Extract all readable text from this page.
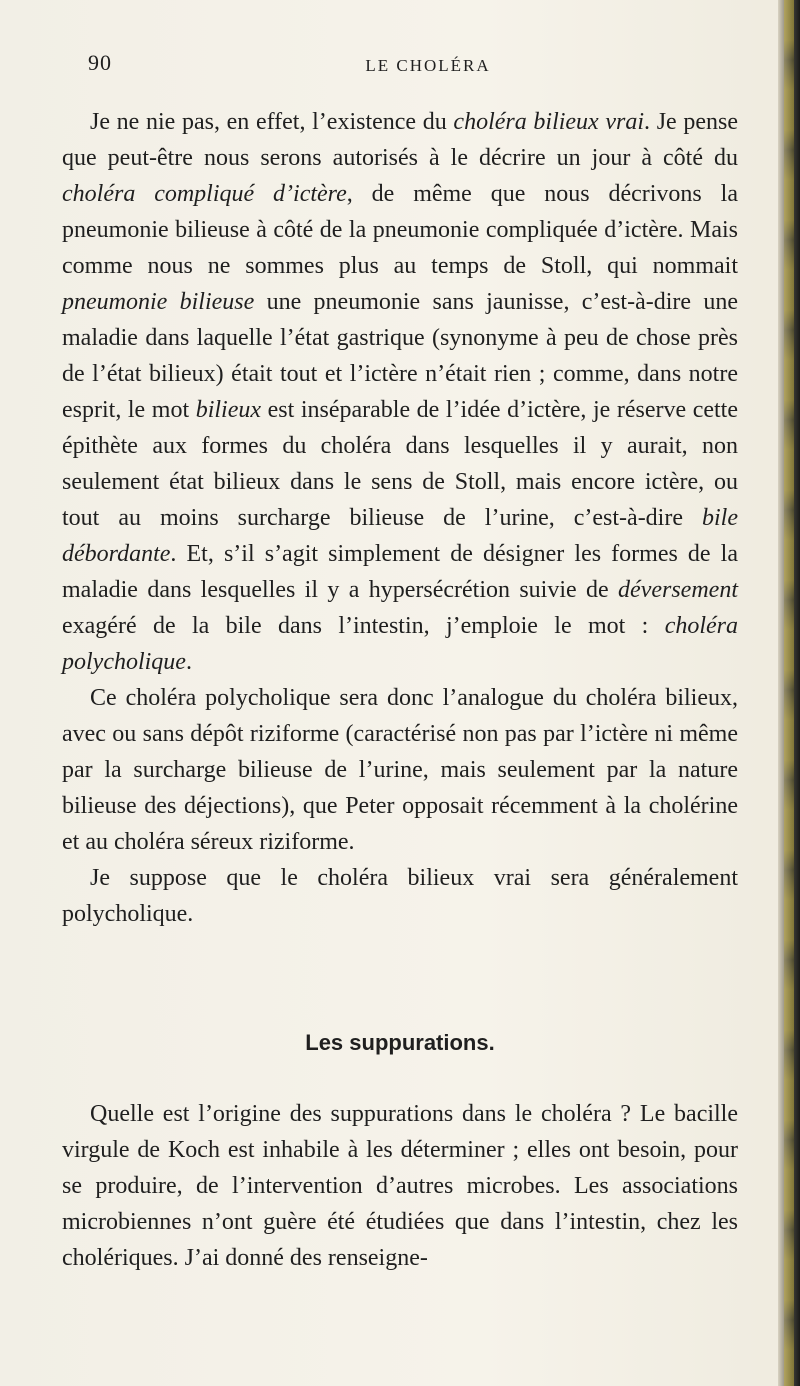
90	LE CHOLÉRA

Je ne nie pas, en effet, l’existence du choléra bilieux vrai. Je pense que peut-être nous serons autorisés à le décrire un jour à côté du choléra compliqué d’ictère, de même que nous décrivons la pneumonie bilieuse à côté de la pneumonie compliquée d’ictère. Mais comme nous ne sommes plus au temps de Stoll, qui nommait pneumonie bilieuse une pneumonie sans jaunisse, c’est-à-dire une maladie dans laquelle l’état gastrique (synonyme à peu de chose près de l’état bilieux) était tout et l’ictère n’était rien ; comme, dans notre esprit, le mot bilieux est inséparable de l’idée d’ictère, je réserve cette épithète aux formes du choléra dans lesquelles il y aurait, non seulement état bilieux dans le sens de Stoll, mais encore ictère, ou tout au moins surcharge bilieuse de l’urine, c’est-à-dire bile débordante. Et, s’il s’agit simplement de désigner les formes de la maladie dans lesquelles il y a hypersécrétion suivie de déversement exagéré de la bile dans l’intestin, j’emploie le mot : choléra polycholique.

Ce choléra polycholique sera donc l’analogue du choléra bilieux, avec ou sans dépôt riziforme (caractérisé non pas par l’ictère ni même par la surcharge bilieuse de l’urine, mais seulement par la nature bilieuse des déjections), que Peter opposait récemment à la cholérine et au choléra séreux riziforme.

Je suppose que le choléra bilieux vrai sera généralement polycholique.

Les suppurations.

Quelle est l’origine des suppurations dans le choléra ? Le bacille virgule de Koch est inhabile à les déterminer ; elles ont besoin, pour se produire, de l’intervention d’autres microbes. Les associations microbiennes n’ont guère été étudiées que dans l’intestin, chez les cholériques. J’ai donné des renseigne-
